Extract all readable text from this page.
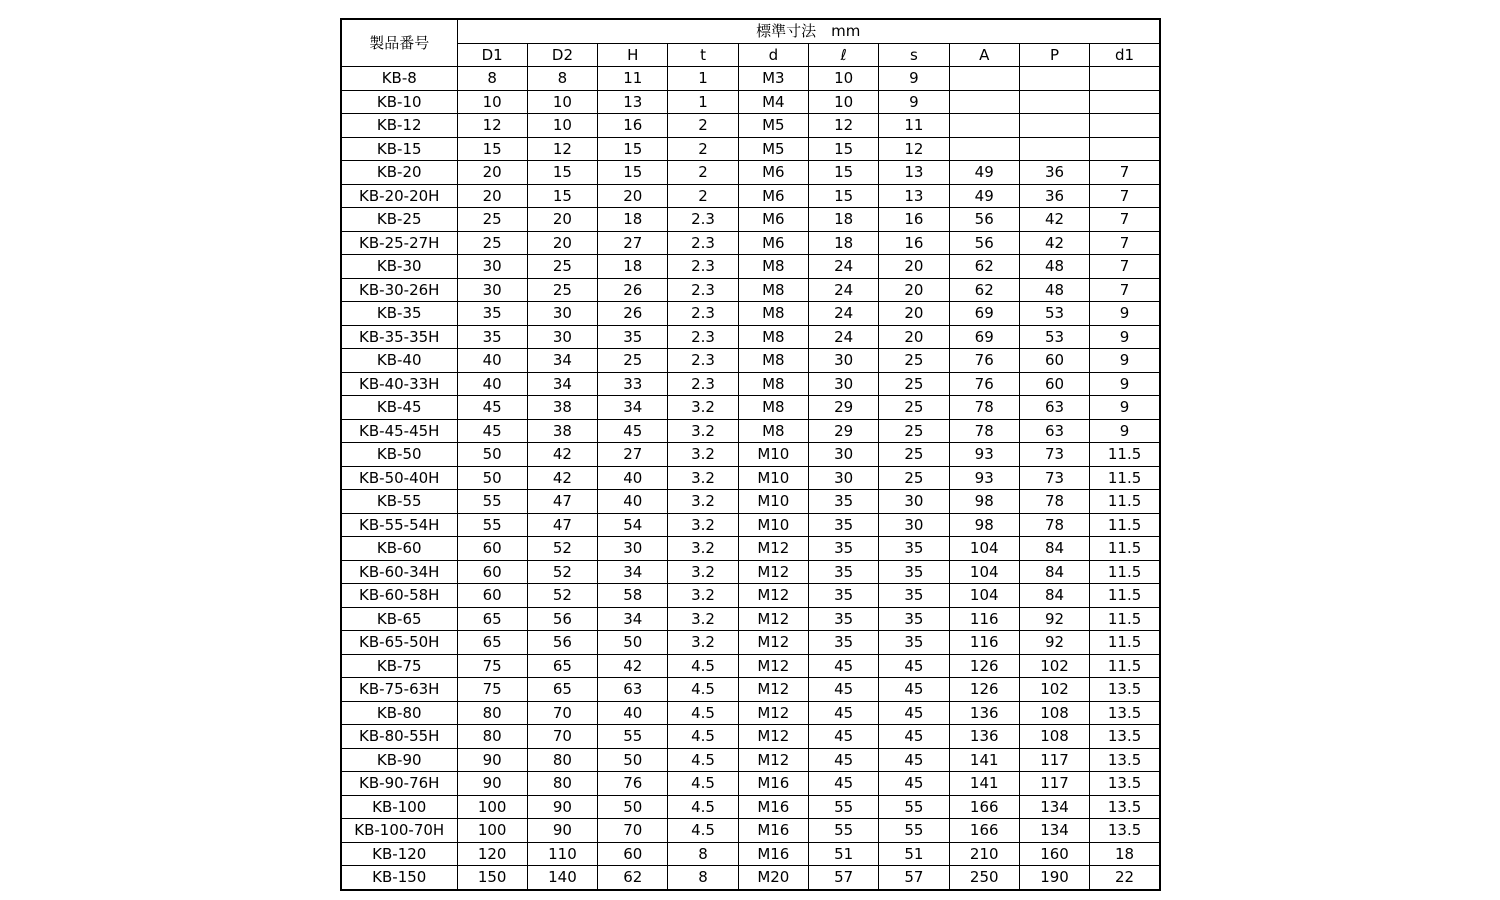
製品番号	標準寸法　mm									
	D1	D2	H	t	d	ℓ	s	A	P	d1
KB-8	8	8	11	1	M3	10	9			
KB-10	10	10	13	1	M4	10	9			
KB-12	12	10	16	2	M5	12	11			
KB-15	15	12	15	2	M5	15	12			
KB-20	20	15	15	2	M6	15	13	49	36	7
KB-20-20H	20	15	20	2	M6	15	13	49	36	7
KB-25	25	20	18	2.3	M6	18	16	56	42	7
KB-25-27H	25	20	27	2.3	M6	18	16	56	42	7
KB-30	30	25	18	2.3	M8	24	20	62	48	7
KB-30-26H	30	25	26	2.3	M8	24	20	62	48	7
KB-35	35	30	26	2.3	M8	24	20	69	53	9
KB-35-35H	35	30	35	2.3	M8	24	20	69	53	9
KB-40	40	34	25	2.3	M8	30	25	76	60	9
KB-40-33H	40	34	33	2.3	M8	30	25	76	60	9
KB-45	45	38	34	3.2	M8	29	25	78	63	9
KB-45-45H	45	38	45	3.2	M8	29	25	78	63	9
KB-50	50	42	27	3.2	M10	30	25	93	73	11.5
KB-50-40H	50	42	40	3.2	M10	30	25	93	73	11.5
KB-55	55	47	40	3.2	M10	35	30	98	78	11.5
KB-55-54H	55	47	54	3.2	M10	35	30	98	78	11.5
KB-60	60	52	30	3.2	M12	35	35	104	84	11.5
KB-60-34H	60	52	34	3.2	M12	35	35	104	84	11.5
KB-60-58H	60	52	58	3.2	M12	35	35	104	84	11.5
KB-65	65	56	34	3.2	M12	35	35	116	92	11.5
KB-65-50H	65	56	50	3.2	M12	35	35	116	92	11.5
KB-75	75	65	42	4.5	M12	45	45	126	102	11.5
KB-75-63H	75	65	63	4.5	M12	45	45	126	102	13.5
KB-80	80	70	40	4.5	M12	45	45	136	108	13.5
KB-80-55H	80	70	55	4.5	M12	45	45	136	108	13.5
KB-90	90	80	50	4.5	M12	45	45	141	117	13.5
KB-90-76H	90	80	76	4.5	M16	45	45	141	117	13.5
KB-100	100	90	50	4.5	M16	55	55	166	134	13.5
KB-100-70H	100	90	70	4.5	M16	55	55	166	134	13.5
KB-120	120	110	60	8	M16	51	51	210	160	18
KB-150	150	140	62	8	M20	57	57	250	190	22
